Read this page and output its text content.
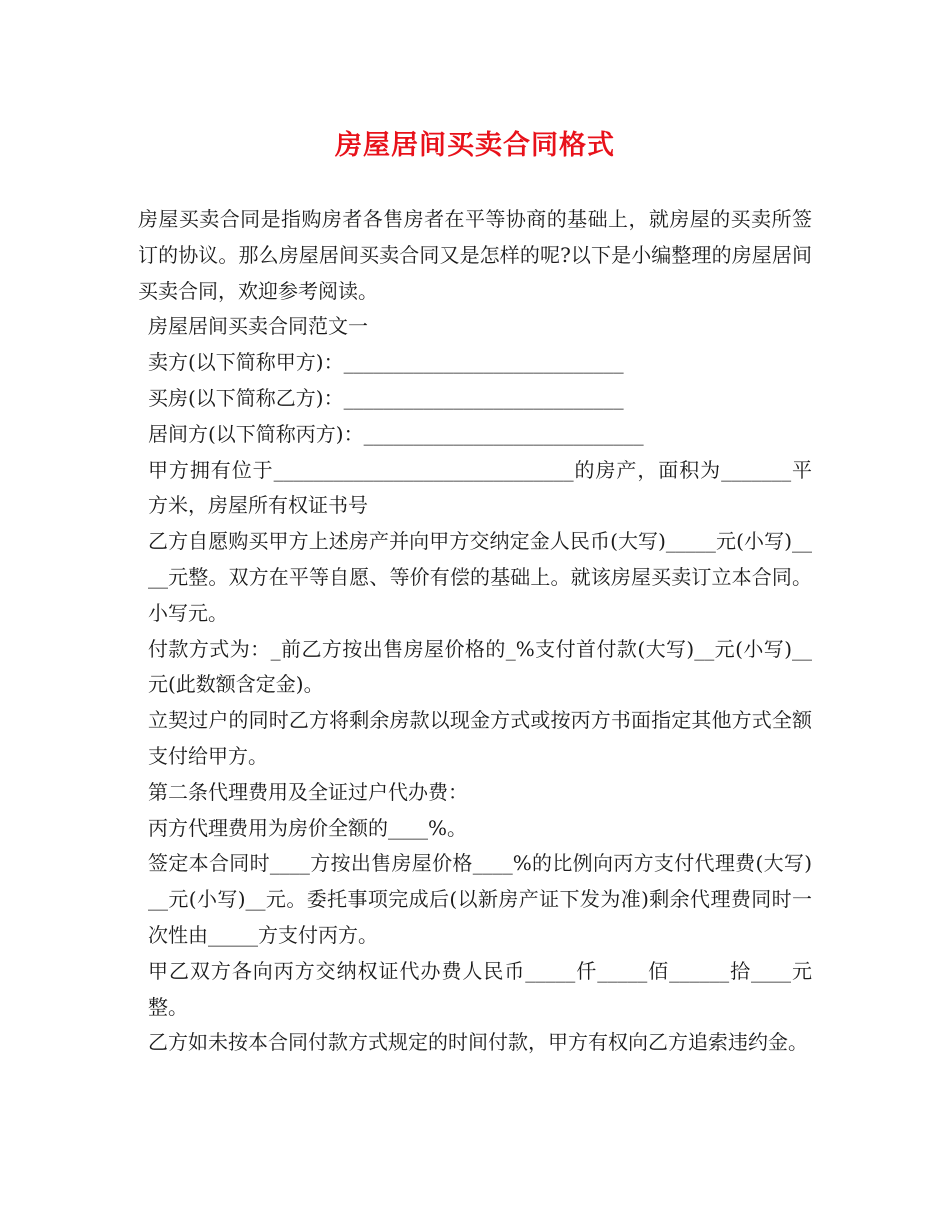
房屋居间买卖合同格式

房屋买卖合同是指购房者各售房者在平等协商的基础上，就房屋的买卖所签订的协议。那么房屋居间买卖合同又是怎样的呢?以下是小编整理的房屋居间买卖合同，欢迎参考阅读。

房屋居间买卖合同范文一

卖方(以下简称甲方)：____________________________

买房(以下简称乙方)：____________________________

居间方(以下简称丙方)：____________________________

甲方拥有位于______________________________的房产，面积为_______平方米，房屋所有权证书号

乙方自愿购买甲方上述房产并向甲方交纳定金人民币(大写)_____元(小写)____元整。双方在平等自愿、等价有偿的基础上。就该房屋买卖订立本合同。小写元。

付款方式为：_前乙方按出售房屋价格的_%支付首付款(大写)__元(小写)__元(此数额含定金)。

立契过户的同时乙方将剩余房款以现金方式或按丙方书面指定其他方式全额支付给甲方。

第二条代理费用及全证过户代办费：

丙方代理费用为房价全额的____%。

签定本合同时____方按出售房屋价格____%的比例向丙方支付代理费(大写)__元(小写)__元。委托事项完成后(以新房产证下发为准)剩余代理费同时一次性由_____方支付丙方。

甲乙双方各向丙方交纳权证代办费人民币_____仟_____佰______拾____元整。

乙方如未按本合同付款方式规定的时间付款，甲方有权向乙方追索违约金。
